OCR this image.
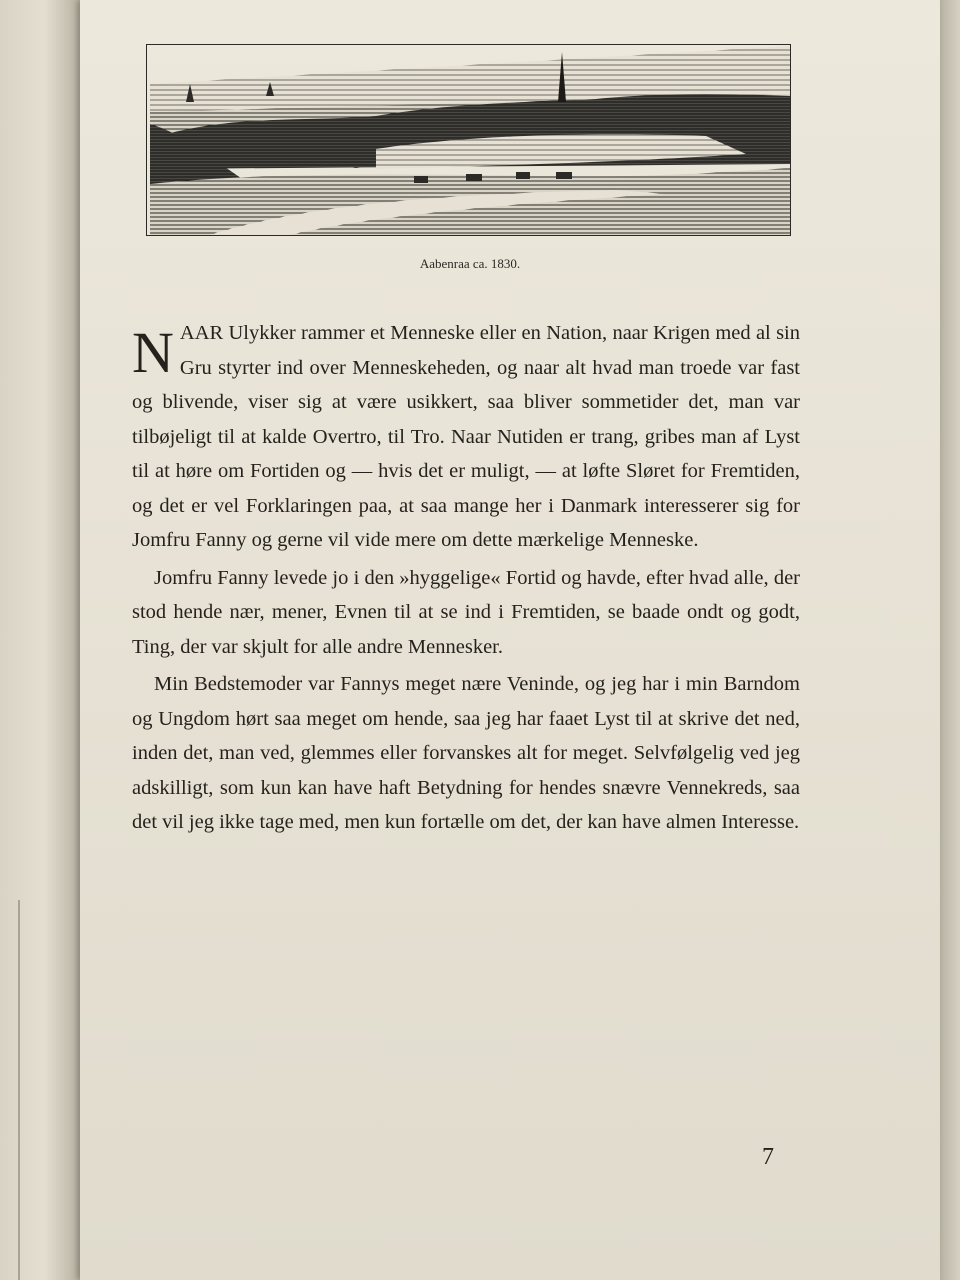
Aabenraa ca. 1830.

NAAR Ulykker rammer et Menneske eller en Nation, naar Krigen med al sin Gru styrter ind over Menneskeheden, og naar alt hvad man troede var fast og blivende, viser sig at være usikkert, saa bliver sommetider det, man var tilbøjeligt til at kalde Overtro, til Tro. Naar Nutiden er trang, gribes man af Lyst til at høre om Fortiden og — hvis det er muligt, — at løfte Sløret for Fremtiden, og det er vel Forklaringen paa, at saa mange her i Danmark interesserer sig for Jomfru Fanny og gerne vil vide mere om dette mærkelige Menneske.

Jomfru Fanny levede jo i den »hyggelige« Fortid og havde, efter hvad alle, der stod hende nær, mener, Evnen til at se ind i Fremtiden, se baade ondt og godt, Ting, der var skjult for alle andre Mennesker.

Min Bedstemoder var Fannys meget nære Veninde, og jeg har i min Barndom og Ungdom hørt saa meget om hende, saa jeg har faaet Lyst til at skrive det ned, inden det, man ved, glemmes eller forvanskes alt for meget. Selvfølgelig ved jeg adskilligt, som kun kan have haft Betydning for hendes snævre Vennekreds, saa det vil jeg ikke tage med, men kun fortælle om det, der kan have almen Interesse.

7
